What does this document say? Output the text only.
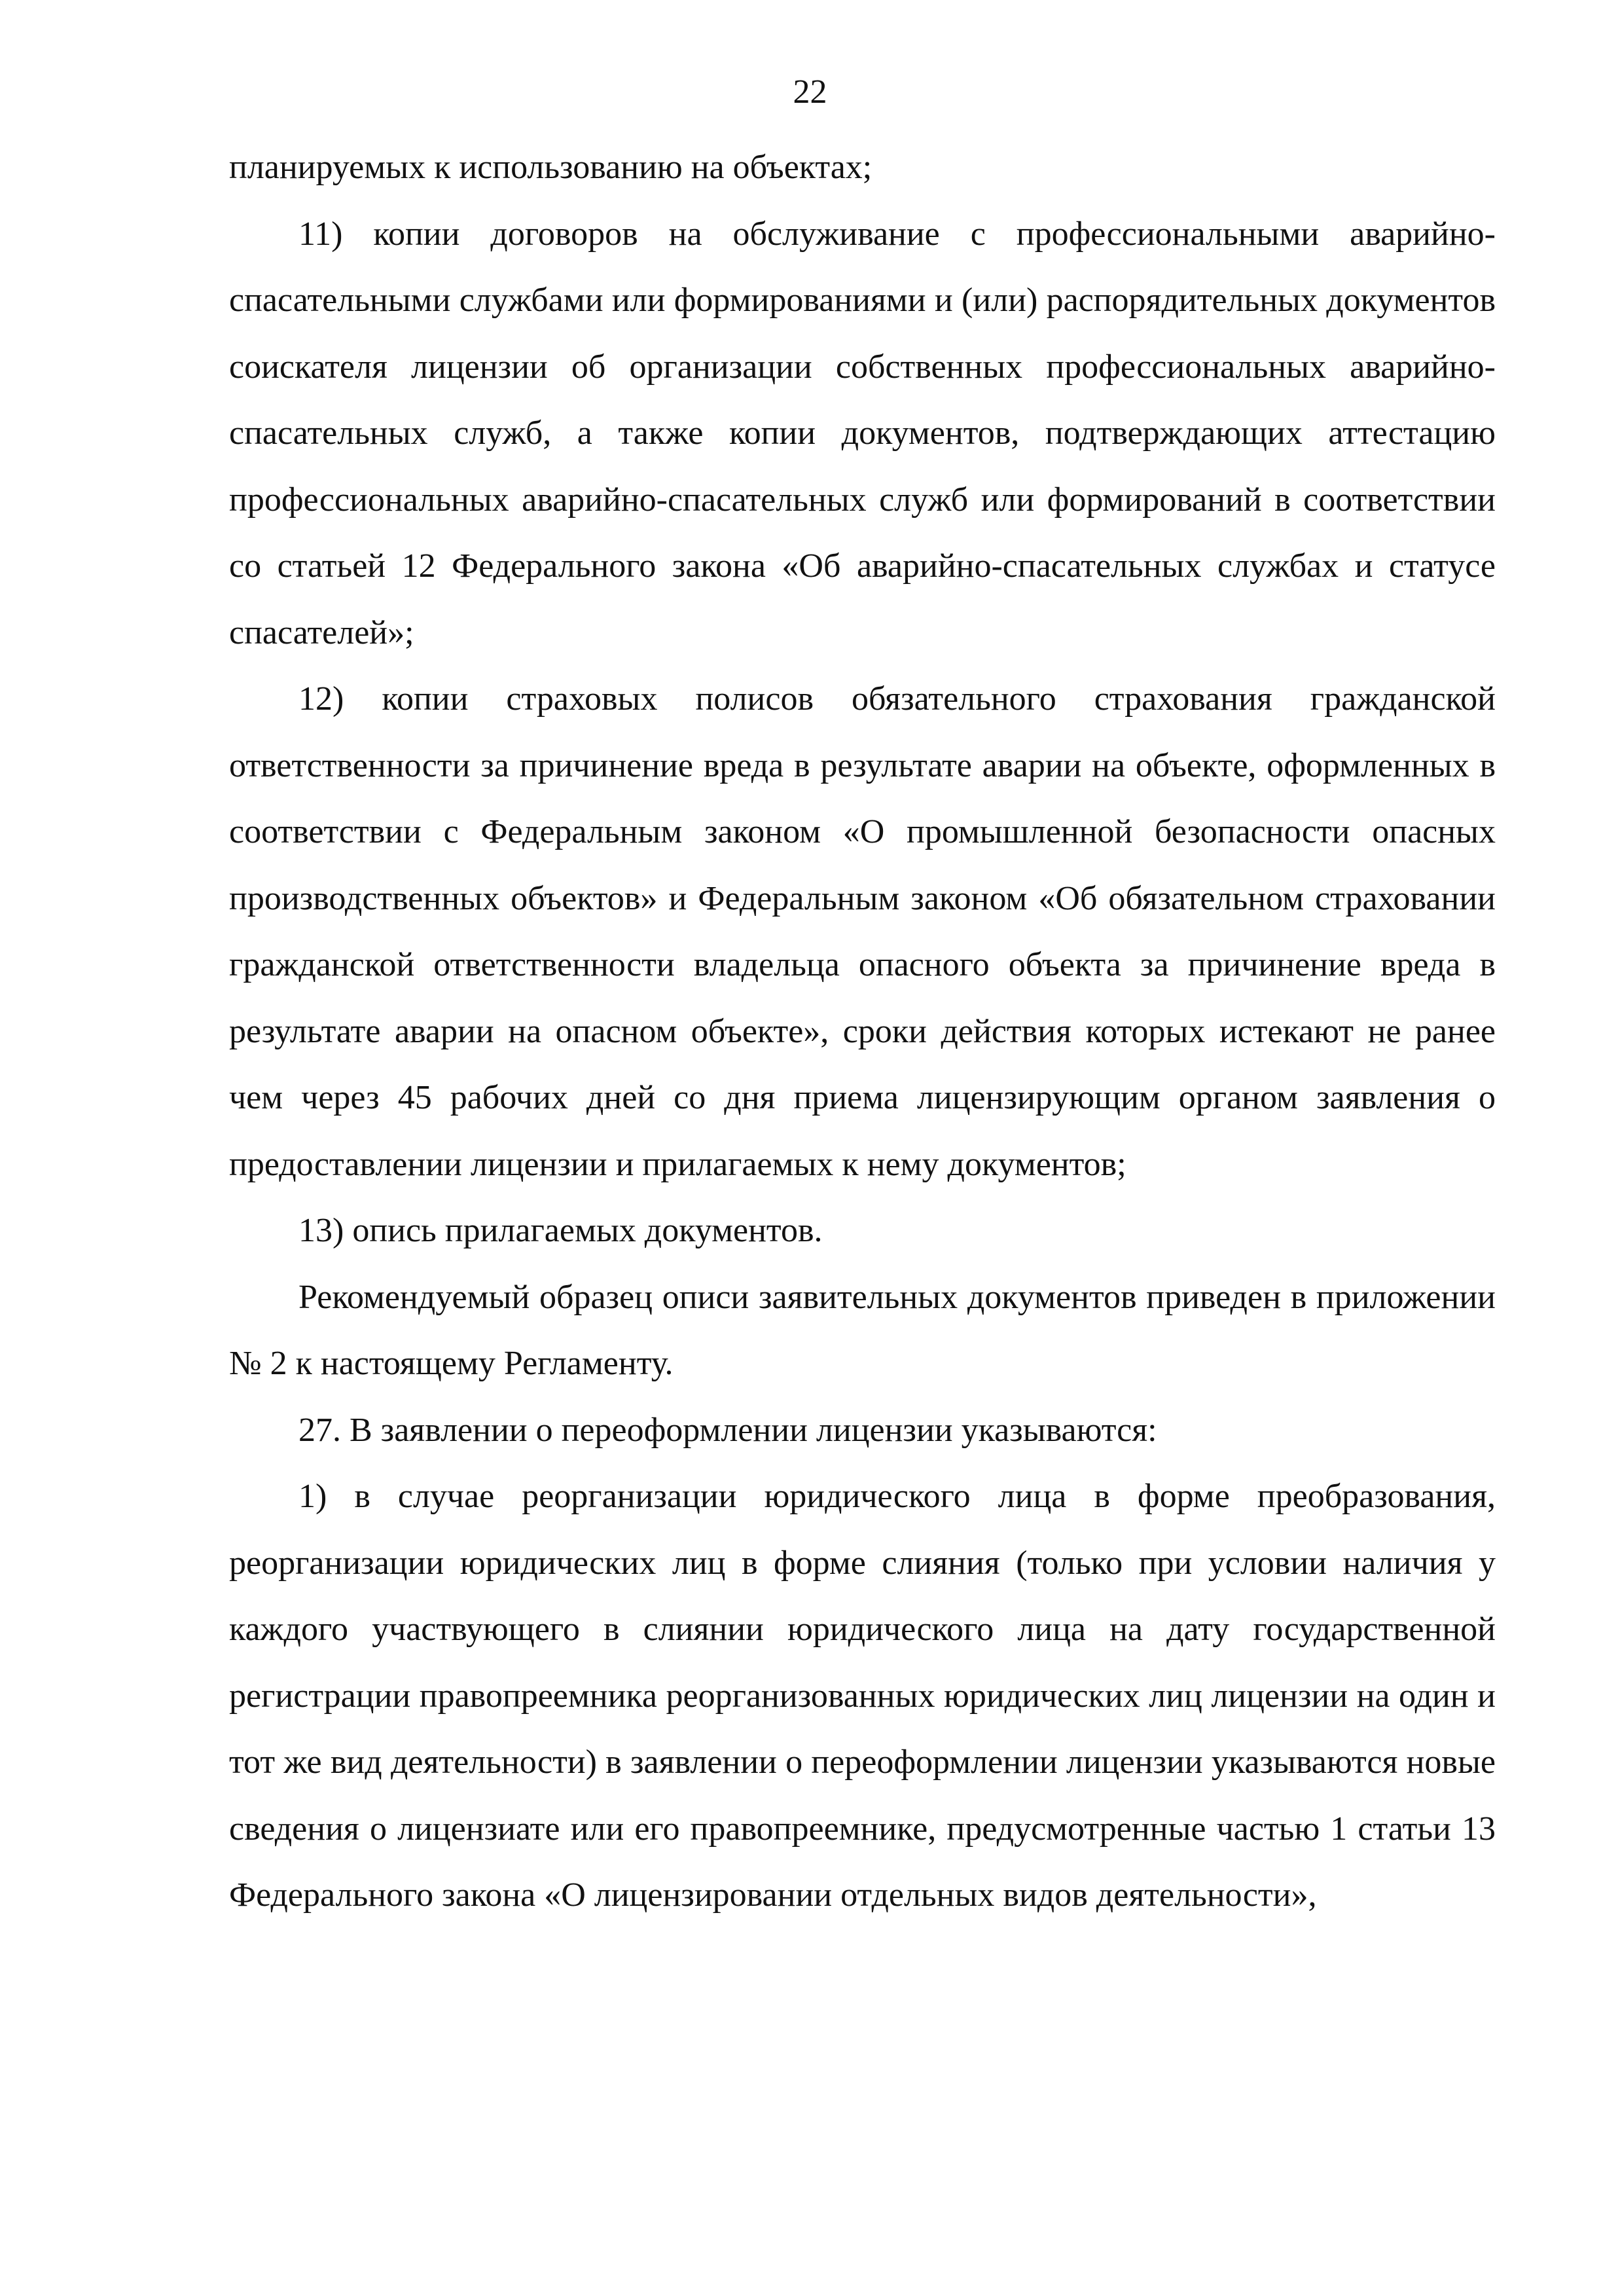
22

планируемых к использованию на объектах;

11) копии договоров на обслуживание с профессиональными аварийно-спасательными службами или формированиями и (или) распорядительных документов соискателя лицензии об организации собственных профессиональных аварийно-спасательных служб, а также копии документов, подтверждающих аттестацию профессиональных аварийно-спасательных служб или формирований в соответствии со статьей 12 Федерального закона «Об аварийно-спасательных службах и статусе спасателей»;

12) копии страховых полисов обязательного страхования гражданской ответственности за причинение вреда в результате аварии на объекте, оформленных в соответствии с Федеральным законом «О промышленной безопасности опасных производственных объектов» и Федеральным законом «Об обязательном страховании гражданской ответственности владельца опасного объекта за причинение вреда в результате аварии на опасном объекте», сроки действия которых истекают не ранее чем через 45 рабочих дней со дня приема лицензирующим органом заявления о предоставлении лицензии и прилагаемых к нему документов;

13) опись прилагаемых документов.

Рекомендуемый образец описи заявительных документов приведен в приложении № 2 к настоящему Регламенту.

27. В заявлении о переоформлении лицензии указываются:

1) в случае реорганизации юридического лица в форме преобразования, реорганизации юридических лиц в форме слияния (только при условии наличия у каждого участвующего в слиянии юридического лица на дату государственной регистрации правопреемника реорганизованных юридических лиц лицензии на один и тот же вид деятельности) в заявлении о переоформлении лицензии указываются новые сведения о лицензиате или его правопреемнике, предусмотренные частью 1 статьи 13 Федерального закона «О лицензировании отдельных видов деятельности»,
